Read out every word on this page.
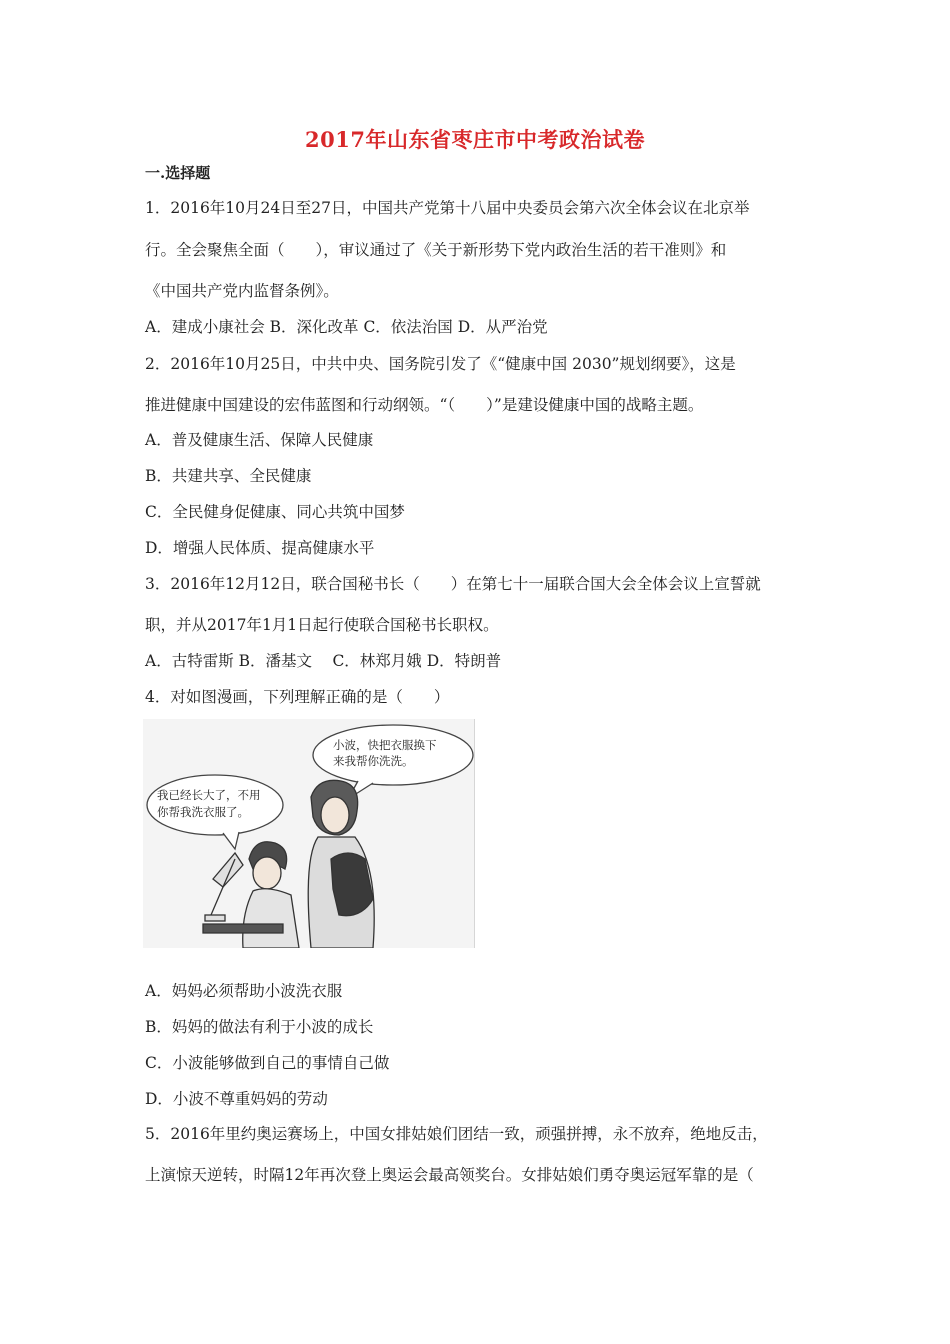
2017年山东省枣庄市中考政治试卷
一.选择题
1．2016年10月24日至27日，中国共产党第十八届中央委员会第六次全体会议在北京举
行。全会聚焦全面（　　），审议通过了《关于新形势下党内政治生活的若干准则》和
《中国共产党内监督条例》。
A．建成小康社会 B．深化改革 C．依法治国 D．从严治党
2．2016年10月25日，中共中央、国务院引发了《“健康中国 2030”规划纲要》，这是
推进健康中国建设的宏伟蓝图和行动纲领。“（　　）”是建设健康中国的战略主题。
A．普及健康生活、保障人民健康
B．共建共享、全民健康
C．全民健身促健康、同心共筑中国梦
D．增强人民体质、提高健康水平
3．2016年12月12日，联合国秘书长（　　）在第七十一届联合国大会全体会议上宣誓就
职，并从2017年1月1日起行使联合国秘书长职权。
A．古特雷斯 B．潘基文　 C．林郑月娥 D．特朗普
4．对如图漫画，下列理解正确的是（　　）
小波，快把衣服换下
来我帮你洗洗。
我已经长大了，不用
你帮我洗衣服了。
A．妈妈必须帮助小波洗衣服
B．妈妈的做法有利于小波的成长
C．小波能够做到自己的事情自己做
D．小波不尊重妈妈的劳动
5．2016年里约奥运赛场上，中国女排姑娘们团结一致，顽强拼搏，永不放弃，绝地反击，
上演惊天逆转，时隔12年再次登上奥运会最高领奖台。女排姑娘们勇夺奥运冠军靠的是（
